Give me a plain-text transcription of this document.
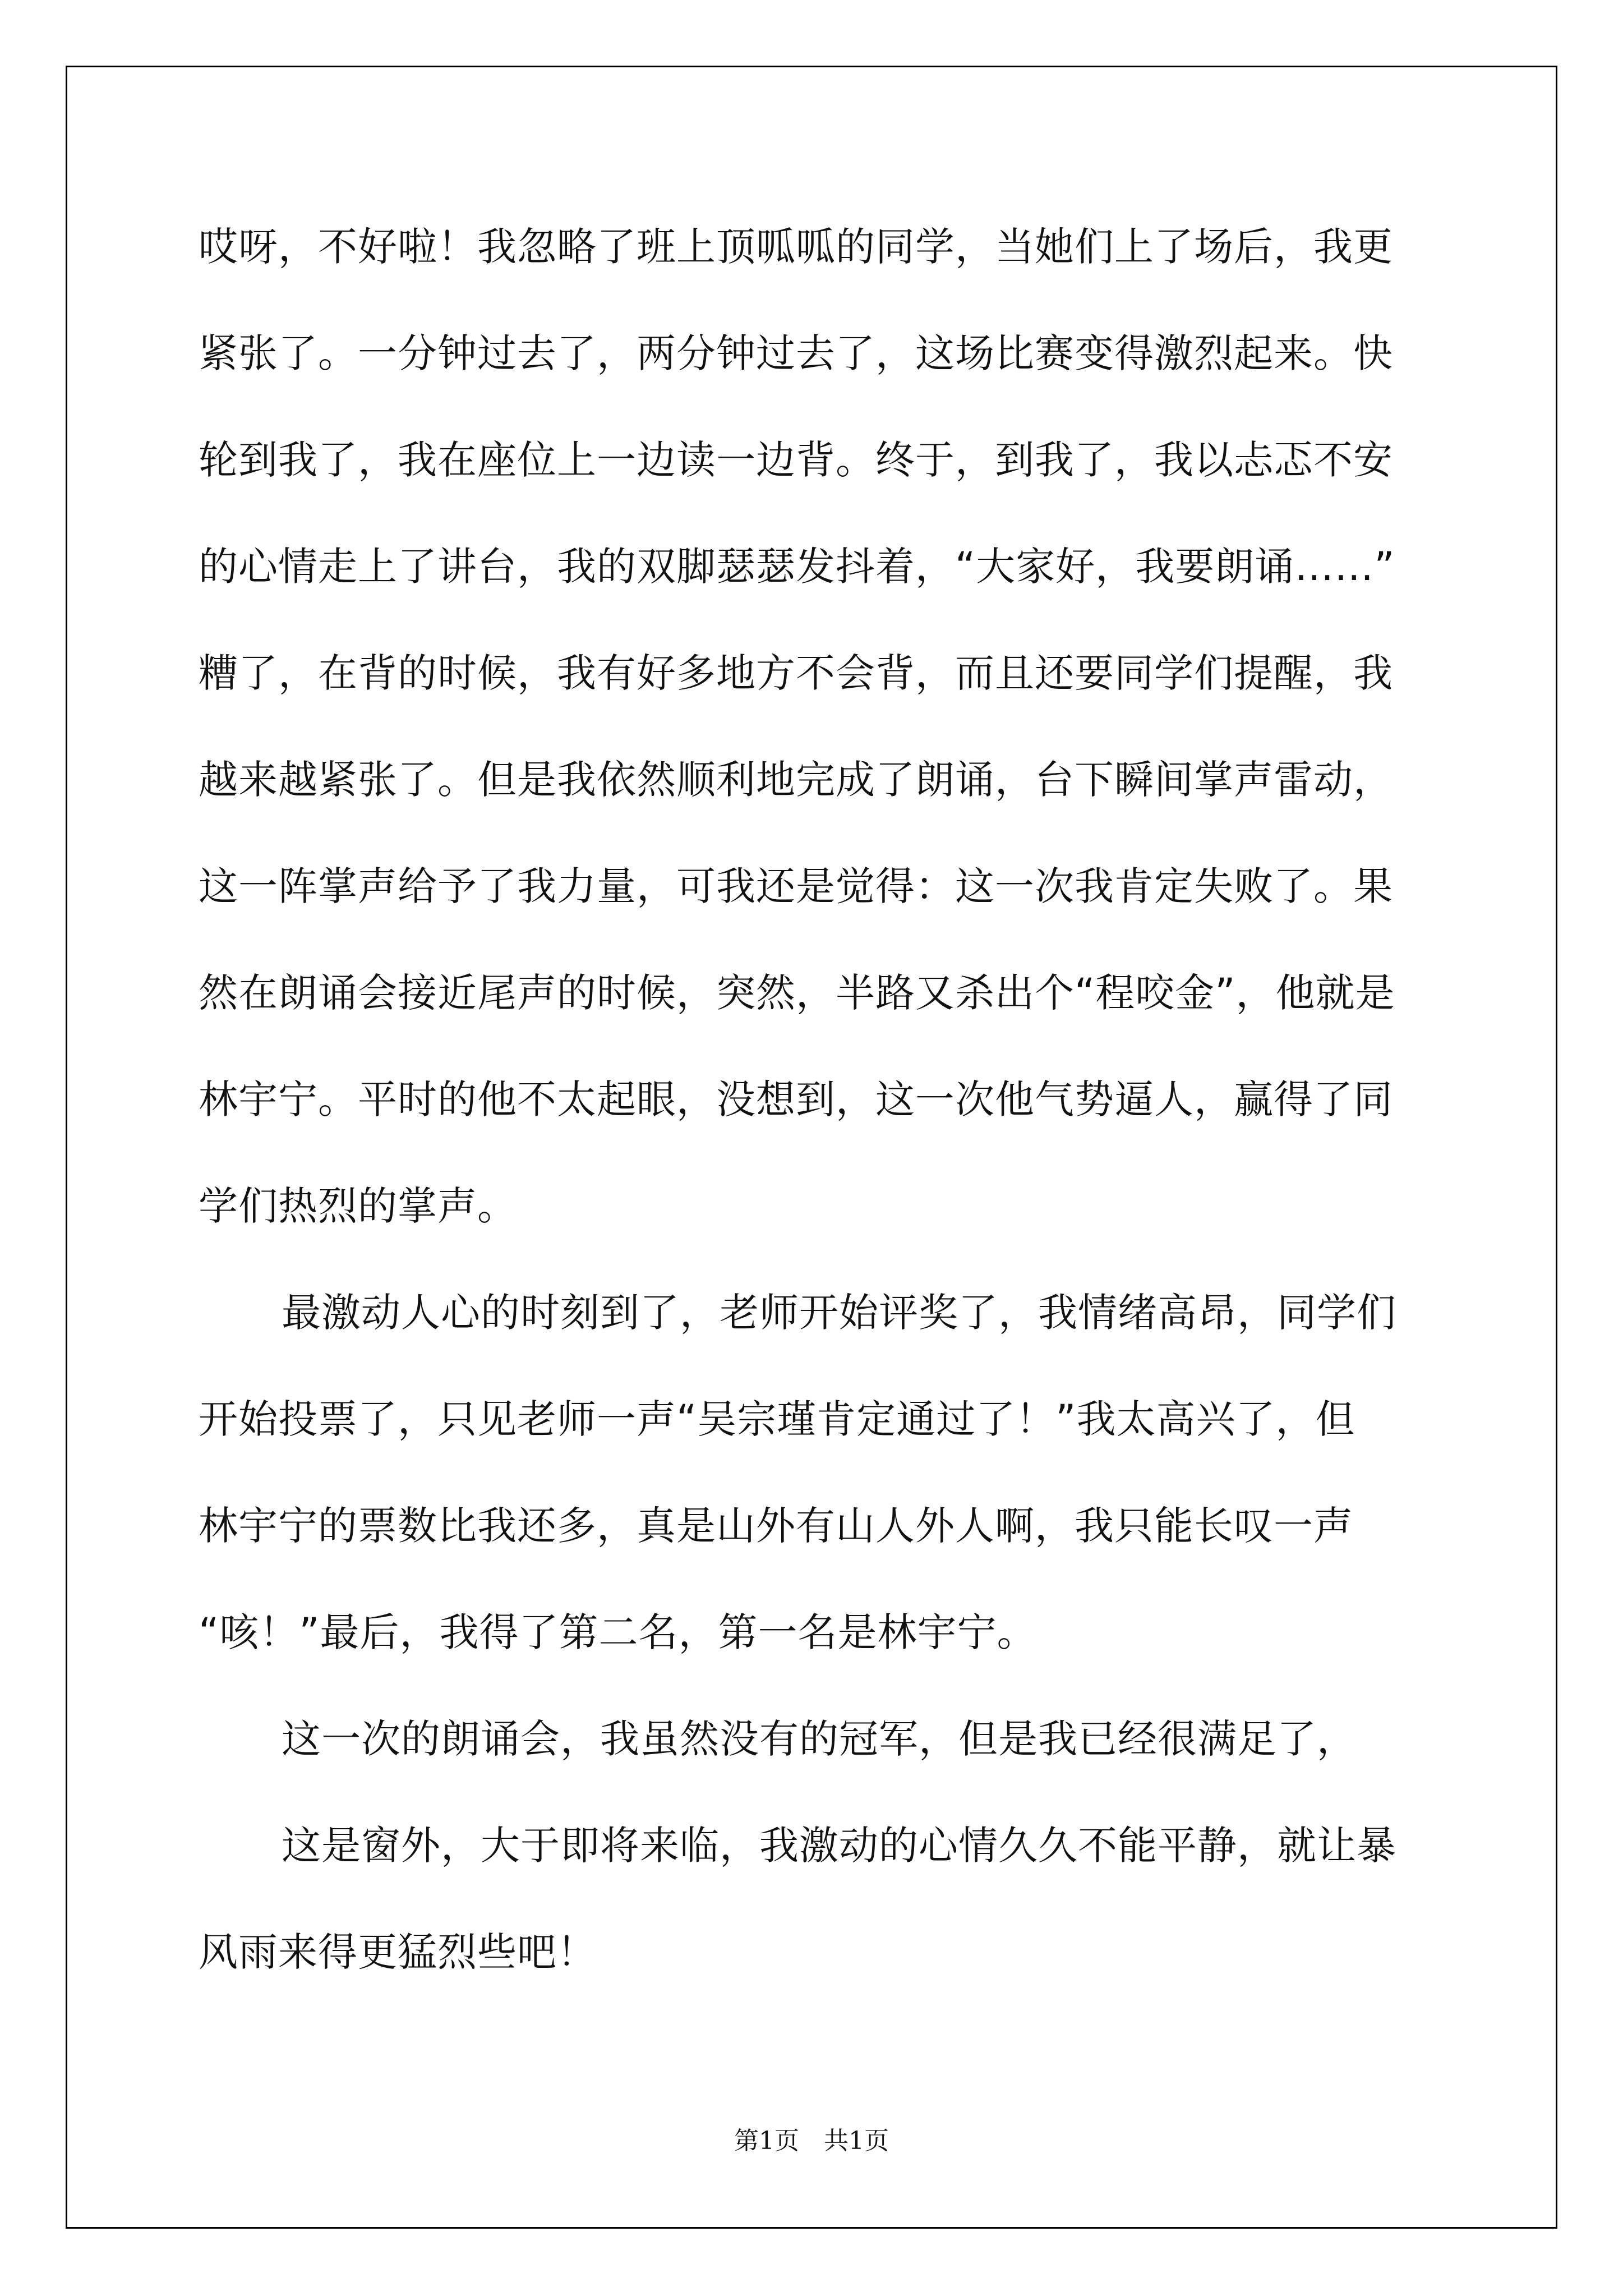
哎呀，不好啦！我忽略了班上顶呱呱的同学，当她们上了场后，我更
紧张了。一分钟过去了，两分钟过去了，这场比赛变得激烈起来。快
轮到我了，我在座位上一边读一边背。终于，到我了，我以忐忑不安
的心情走上了讲台，我的双脚瑟瑟发抖着，“大家好，我要朗诵……”
糟了，在背的时候，我有好多地方不会背，而且还要同学们提醒，我
越来越紧张了。但是我依然顺利地完成了朗诵，台下瞬间掌声雷动，
这一阵掌声给予了我力量，可我还是觉得：这一次我肯定失败了。果
然在朗诵会接近尾声的时候，突然，半路又杀出个“程咬金”，他就是
林宇宁。平时的他不太起眼，没想到，这一次他气势逼人，赢得了同
学们热烈的掌声。
最激动人心的时刻到了，老师开始评奖了，我情绪高昂，同学们
开始投票了，只见老师一声“吴宗瑾肯定通过了！”我太高兴了，但
林宇宁的票数比我还多，真是山外有山人外人啊，我只能长叹一声
“咳！”最后，我得了第二名，第一名是林宇宁。
这一次的朗诵会，我虽然没有的冠军，但是我已经很满足了，
这是窗外，大于即将来临，我激动的心情久久不能平静，就让暴
风雨来得更猛烈些吧！
第1页　共1页
